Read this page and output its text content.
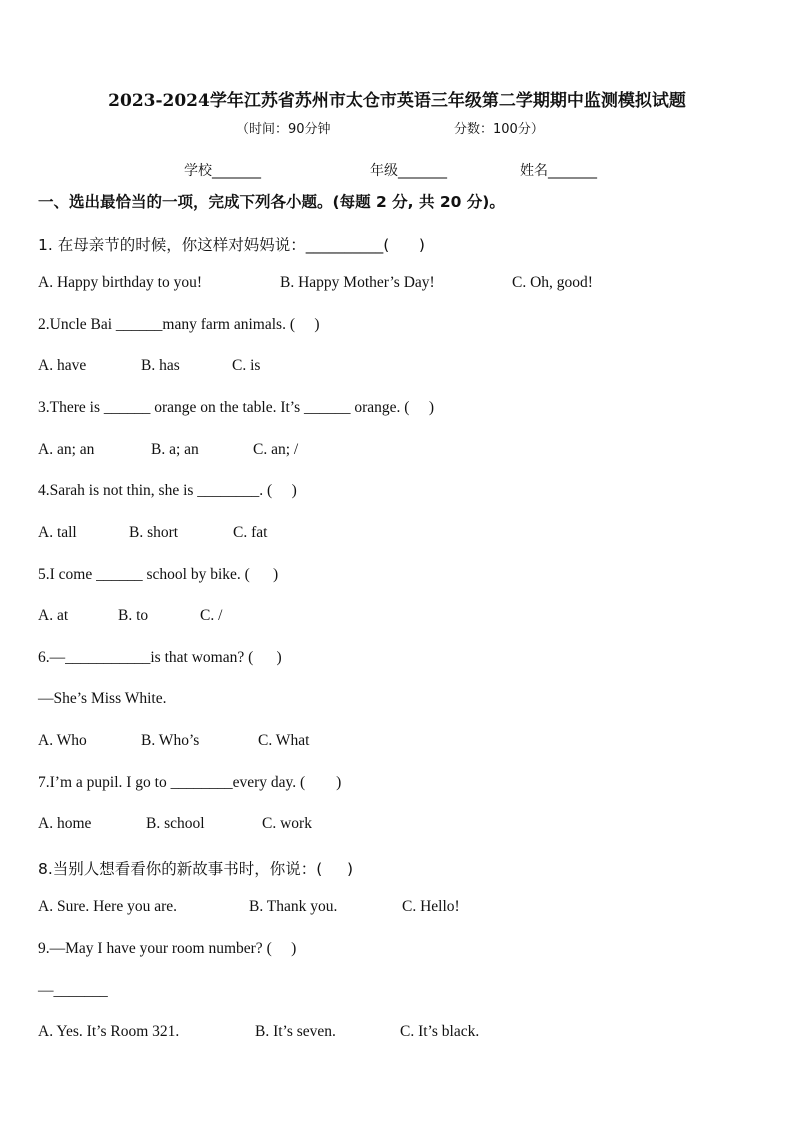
2023-2024学年江苏省苏州市太仓市英语三年级第二学期期中监测模拟试题
（时间：90分钟	分数：100分）
学校_______	年级_______	姓名_______
一、选出最恰当的一项，完成下列各小题。(每题 2 分, 共 20 分)。
1. 在母亲节的时候，你这样对妈妈说：__________(      )
A. Happy birthday to you!	B. Happy Mother’s Day!	C. Oh, good!
2.Uncle Bai ______many farm animals. (     )
A. have	B. has	C. is
3.There is ______ orange on the table. It’s ______ orange. (     )
A. an; an	B. a; an	C. an; /
4.Sarah is not thin, she is ________. (     )
A. tall	B. short	C. fat
5.I come ______ school by bike. (      )
A. at	B. to	C. /
6.—___________is that woman? (      )
—She’s Miss White.
A. Who	B. Who’s	C. What
7.I’m a pupil. I go to ________every day. (        )
A. home	B. school	C. work
8.当别人想看看你的新故事书时，你说：(     )
A. Sure. Here you are.	B. Thank you.	C. Hello!
9.—May I have your room number? (     )
—_______
A. Yes. It’s Room 321.	B. It’s seven.	C. It’s black.
